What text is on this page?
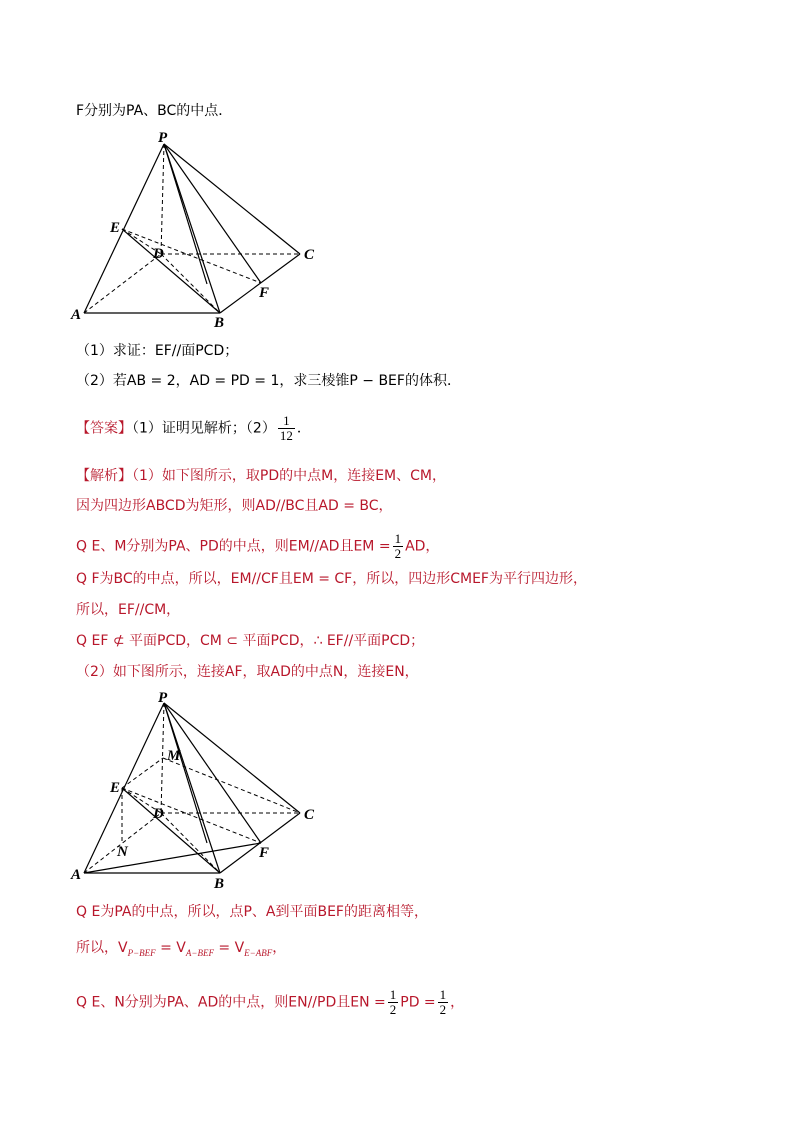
F分别为PA、BC的中点．
P
E
D	C
F
A	B
（1）求证：EF//面PCD；
（2）若AB = 2，AD = PD = 1，求三棱锥P − BEF的体积．
【答案】（1）证明见解析；$(2) \frac{1}{12}$ ．
【解析】（1）如下图所示，取PD的中点M，连接EM、CM，
因为四边形ABCD为矩形，则AD//BC且AD = BC，
Q E、M分别为PA、PD的中点，则EM//AD且EM = $\frac{1}{2}$ AD，
Q F为BC的中点，所以，EM//CF且EM = CF，所以，四边形CMEF为平行四边形，
所以，EF//CM，
Q EF ⊄ 平面PCD，CM ⊂ 平面PCD，∴ EF//平面PCD；
（2）如下图所示，连接AF，取AD的中点N，连接EN，
P
M
E
D	C
F
N
A
B
Q E为PA的中点，所以，点P、A到平面BEF的距离相等，
所以，$V_{P-BEF} = V_{A-BEF} = V_{E-ABF}$，
Q E、N分别为PA、AD的中点，则EN//PD且EN = $\frac{1}{2}$ PD = $\frac{1}{2}$ ，
